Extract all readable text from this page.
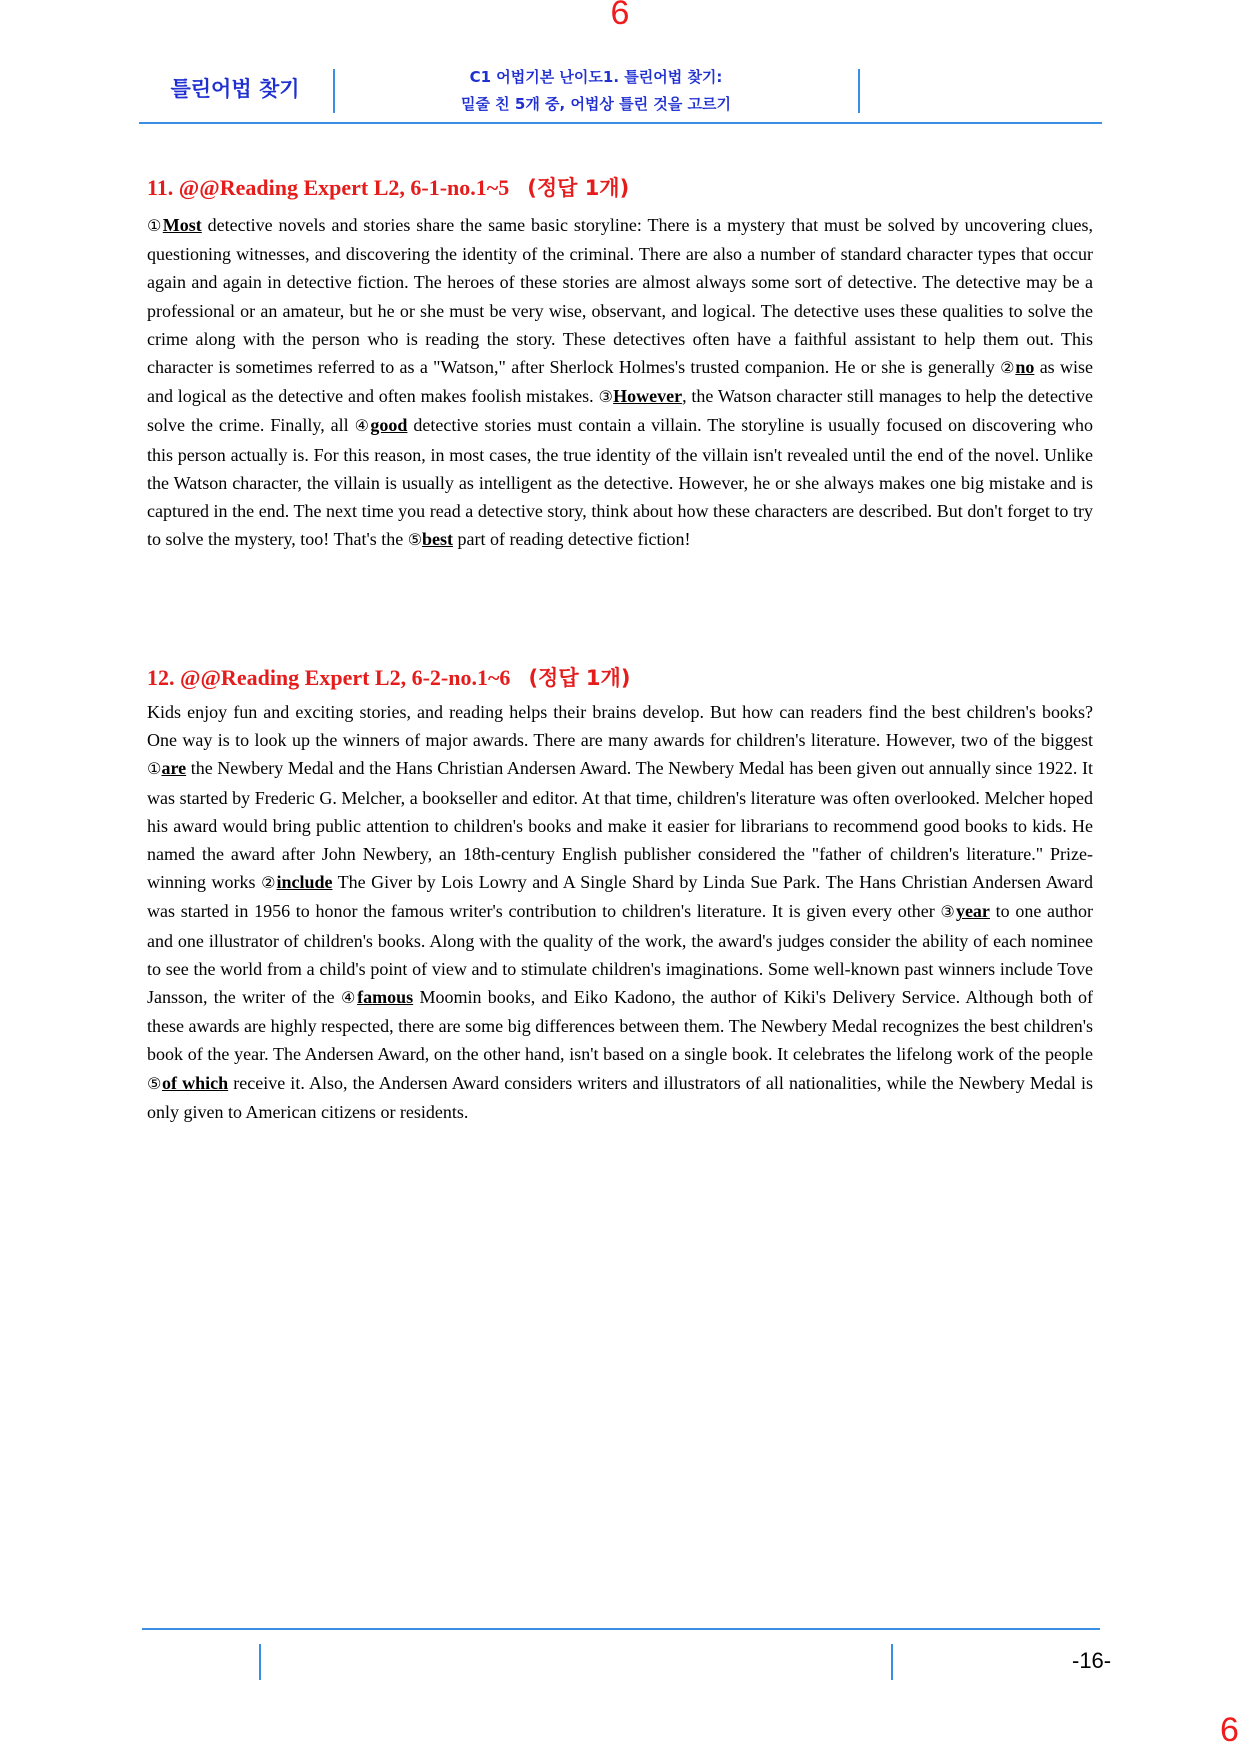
6
틀린어법 찾기	C1 어법기본 난이도1. 틀린어법 찾기:
밑줄 친 5개 중, 어법상 틀린 것을 고르기
11. @@Reading Expert L2, 6-1-no.1~5 (정답 1개)

①Most detective novels and stories share the same basic storyline: There is a mystery that must be solved by uncovering clues, questioning witnesses, and discovering the identity of the criminal. There are also a number of standard character types that occur again and again in detective fiction. The heroes of these stories are almost always some sort of detective. The detective may be a professional or an amateur, but he or she must be very wise, observant, and logical. The detective uses these qualities to solve the crime along with the person who is reading the story. These detectives often have a faithful assistant to help them out. This character is sometimes referred to as a "Watson," after Sherlock Holmes's trusted companion. He or she is generally ②no as wise and logical as the detective and often makes foolish mistakes. ③However, the Watson character still manages to help the detective solve the crime. Finally, all ④good detective stories must contain a villain. The storyline is usually focused on discovering who this person actually is. For this reason, in most cases, the true identity of the villain isn't revealed until the end of the novel. Unlike the Watson character, the villain is usually as intelligent as the detective. However, he or she always makes one big mistake and is captured in the end. The next time you read a detective story, think about how these characters are described. But don't forget to try to solve the mystery, too! That's the ⑤best part of reading detective fiction!

12. @@Reading Expert L2, 6-2-no.1~6 (정답 1개)

Kids enjoy fun and exciting stories, and reading helps their brains develop. But how can readers find the best children's books? One way is to look up the winners of major awards. There are many awards for children's literature. However, two of the biggest ①are the Newbery Medal and the Hans Christian Andersen Award. The Newbery Medal has been given out annually since 1922. It was started by Frederic G. Melcher, a bookseller and editor. At that time, children's literature was often overlooked. Melcher hoped his award would bring public attention to children's books and make it easier for librarians to recommend good books to kids. He named the award after John Newbery, an 18th-century English publisher considered the "father of children's literature." Prize-winning works ②include The Giver by Lois Lowry and A Single Shard by Linda Sue Park. The Hans Christian Andersen Award was started in 1956 to honor the famous writer's contribution to children's literature. It is given every other ③year to one author and one illustrator of children's books. Along with the quality of the work, the award's judges consider the ability of each nominee to see the world from a child's point of view and to stimulate children's imaginations. Some well-known past winners include Tove Jansson, the writer of the ④famous Moomin books, and Eiko Kadono, the author of Kiki's Delivery Service. Although both of these awards are highly respected, there are some big differences between them. The Newbery Medal recognizes the best children's book of the year. The Andersen Award, on the other hand, isn't based on a single book. It celebrates the lifelong work of the people ⑤of which receive it. Also, the Andersen Award considers writers and illustrators of all nationalities, while the Newbery Medal is only given to American citizens or residents.

-16-
6
